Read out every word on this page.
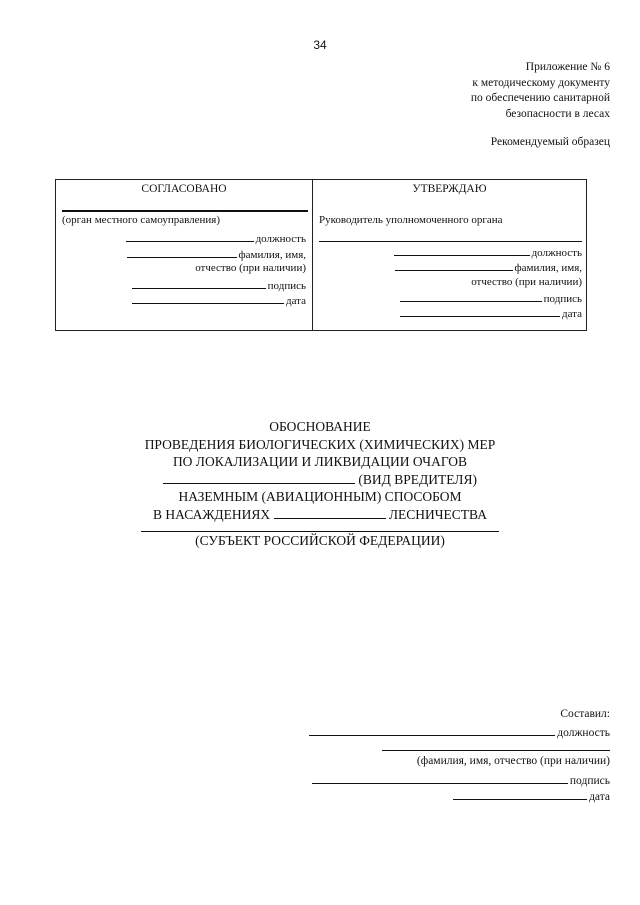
34
Приложение № 6
к методическому документу
по обеспечению санитарной
безопасности в лесах
Рекомендуемый образец
СОГЛАСОВАНО
(орган местного самоуправления)
должность
фамилия, имя,
отчество (при наличии)
подпись
дата
УТВЕРЖДАЮ
Руководитель уполномоченного органа
должность
фамилия, имя,
отчество (при наличии)
подпись
дата
ОБОСНОВАНИЕ
ПРОВЕДЕНИЯ БИОЛОГИЧЕСКИХ (ХИМИЧЕСКИХ) МЕР
ПО ЛОКАЛИЗАЦИИ И ЛИКВИДАЦИИ ОЧАГОВ
(ВИД ВРЕДИТЕЛЯ)
НАЗЕМНЫМ (АВИАЦИОННЫМ) СПОСОБОМ
В НАСАЖДЕНИЯХ	ЛЕСНИЧЕСТВА
(СУБЪЕКТ РОССИЙСКОЙ ФЕДЕРАЦИИ)
Составил:
должность
(фамилия, имя, отчество (при наличии)
подпись
дата
